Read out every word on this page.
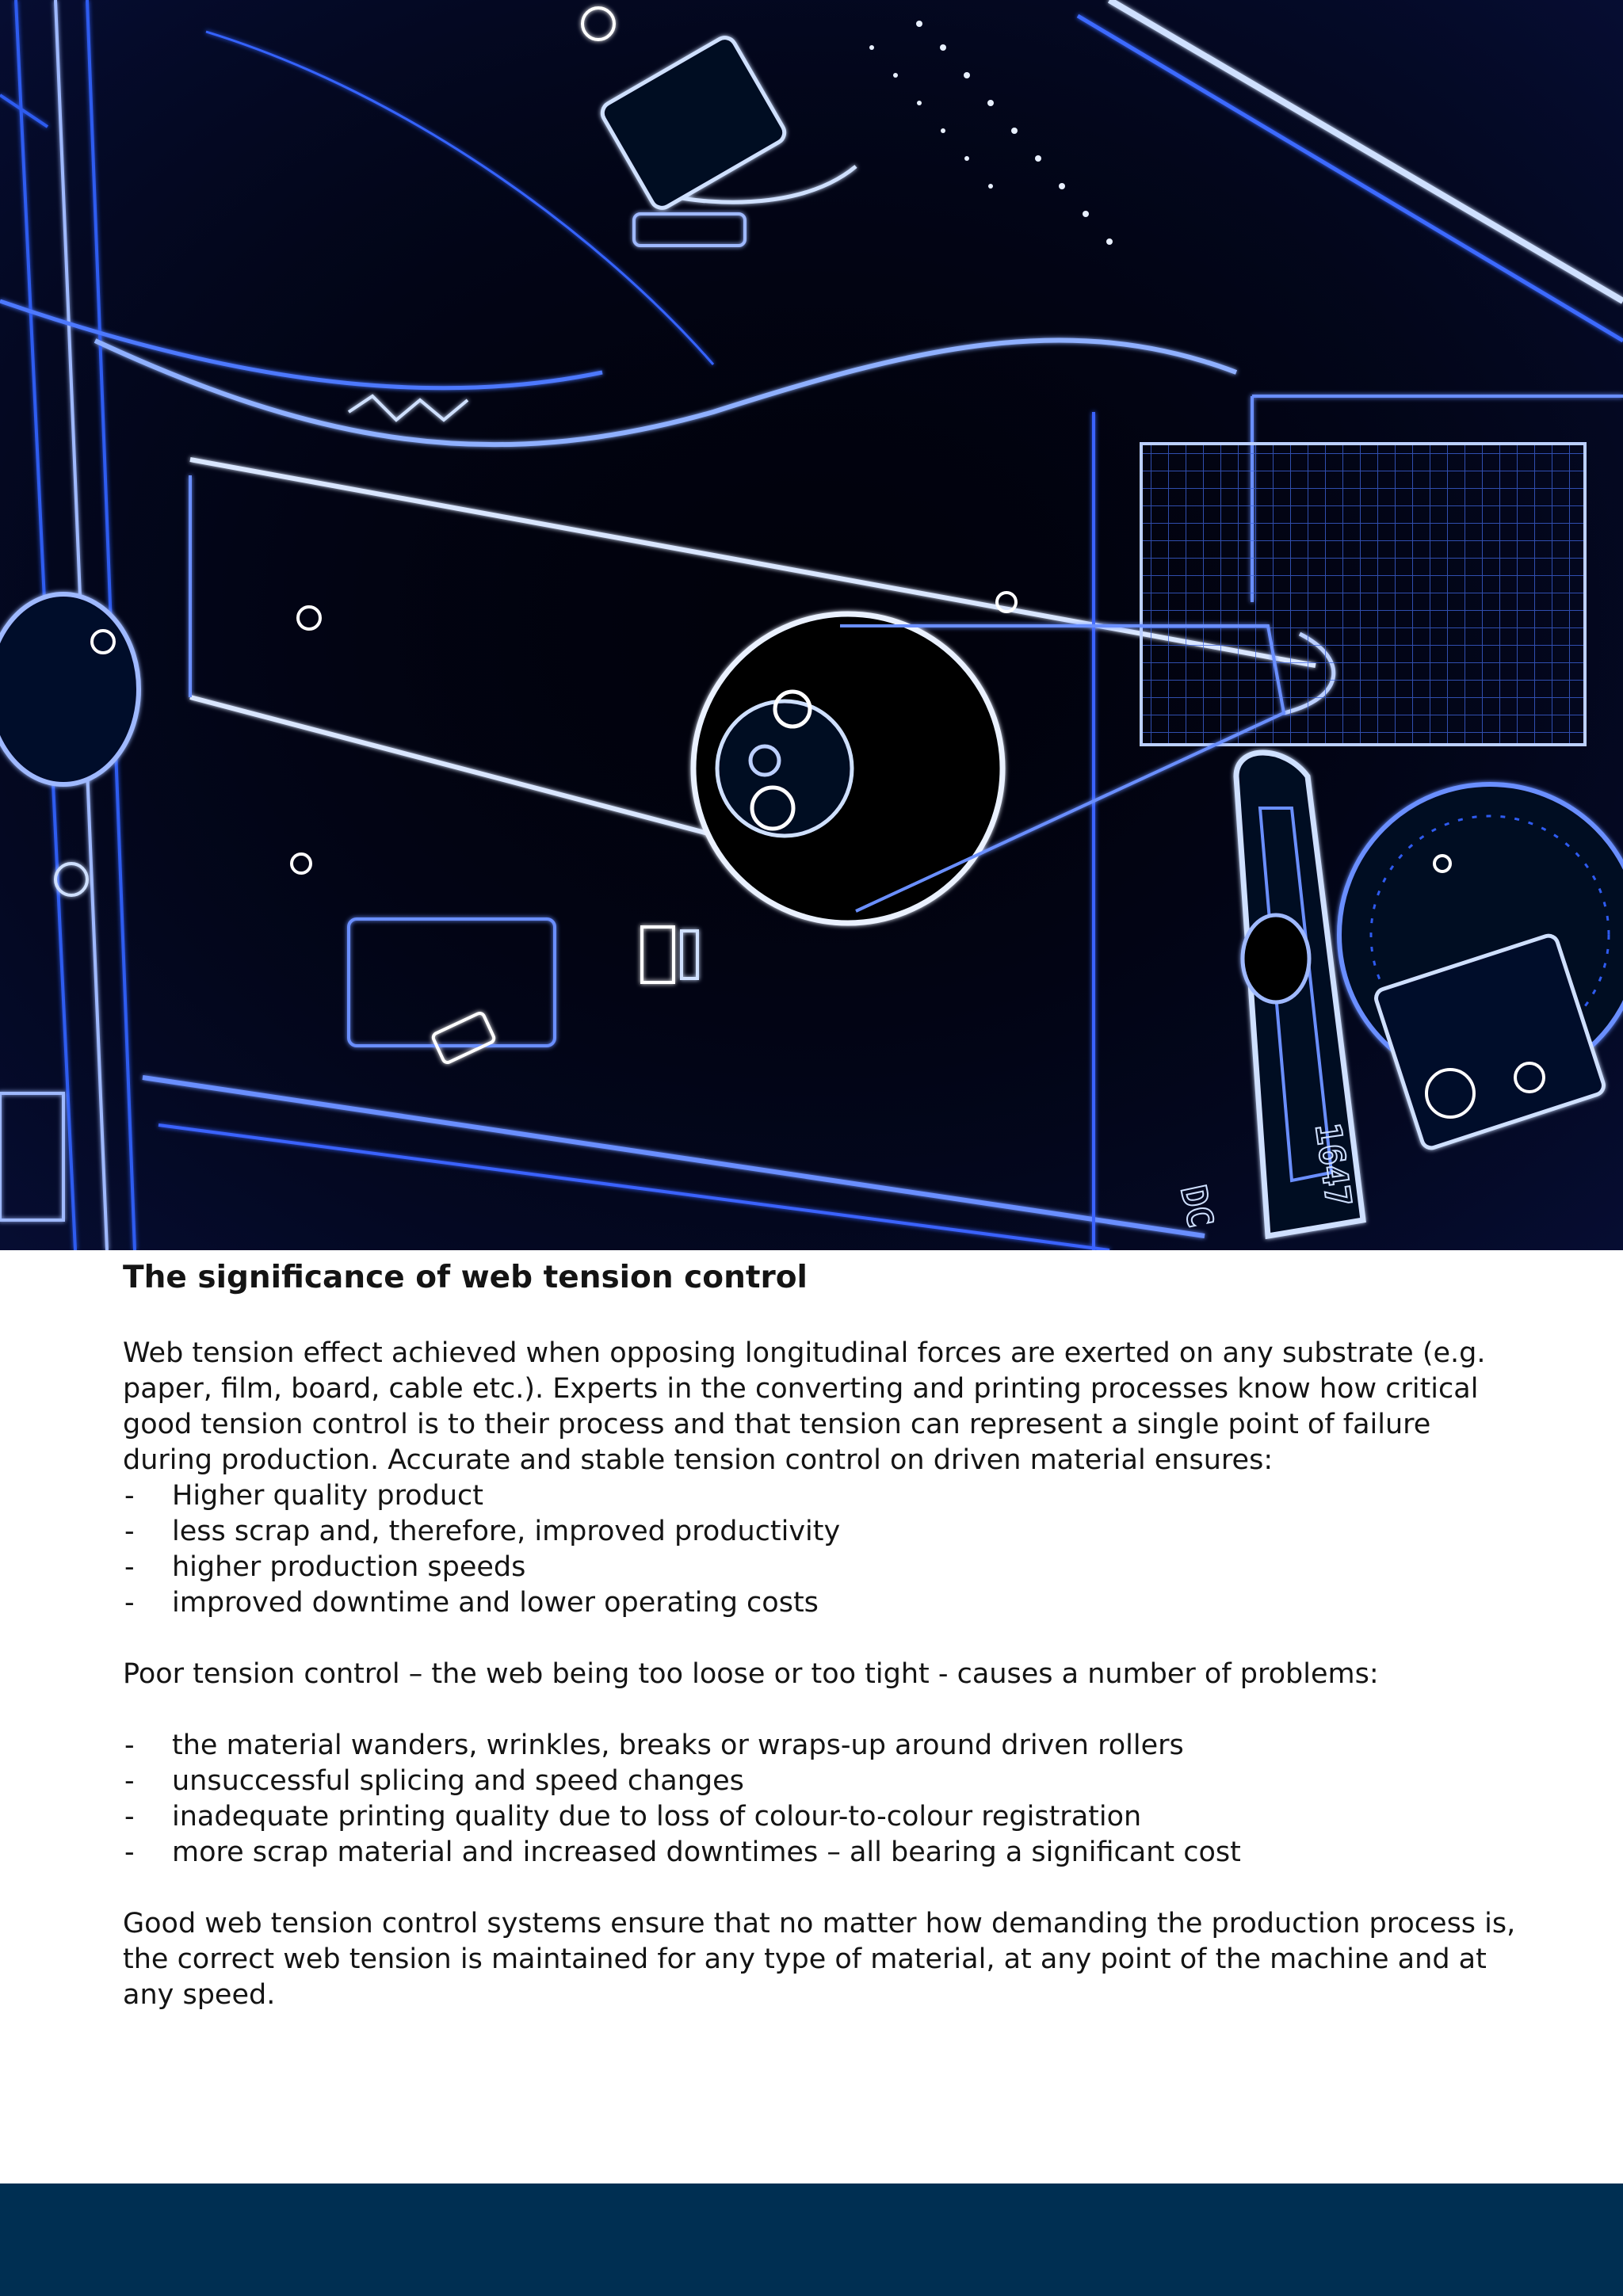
DC 1647
The significance of web tension control

Web tension effect achieved when opposing longitudinal forces are exerted on any substrate (e.g. paper, film, board, cable etc.). Experts in the converting and printing processes know how critical good tension control is to their process and that tension can represent a single point of failure during production. Accurate and stable tension control on driven material ensures:

- Higher quality product
- less scrap and, therefore, improved productivity
- higher production speeds
- improved downtime and lower operating costs

Poor tension control – the web being too loose or too tight - causes a number of problems:

- the material wanders, wrinkles, breaks or wraps-up around driven rollers
- unsuccessful splicing and speed changes
- inadequate printing quality due to loss of colour-to-colour registration
- more scrap material and increased downtimes – all bearing a significant cost

Good web tension control systems ensure that no matter how demanding the production process is, the correct web tension is maintained for any type of material, at any point of the machine and at any speed.
